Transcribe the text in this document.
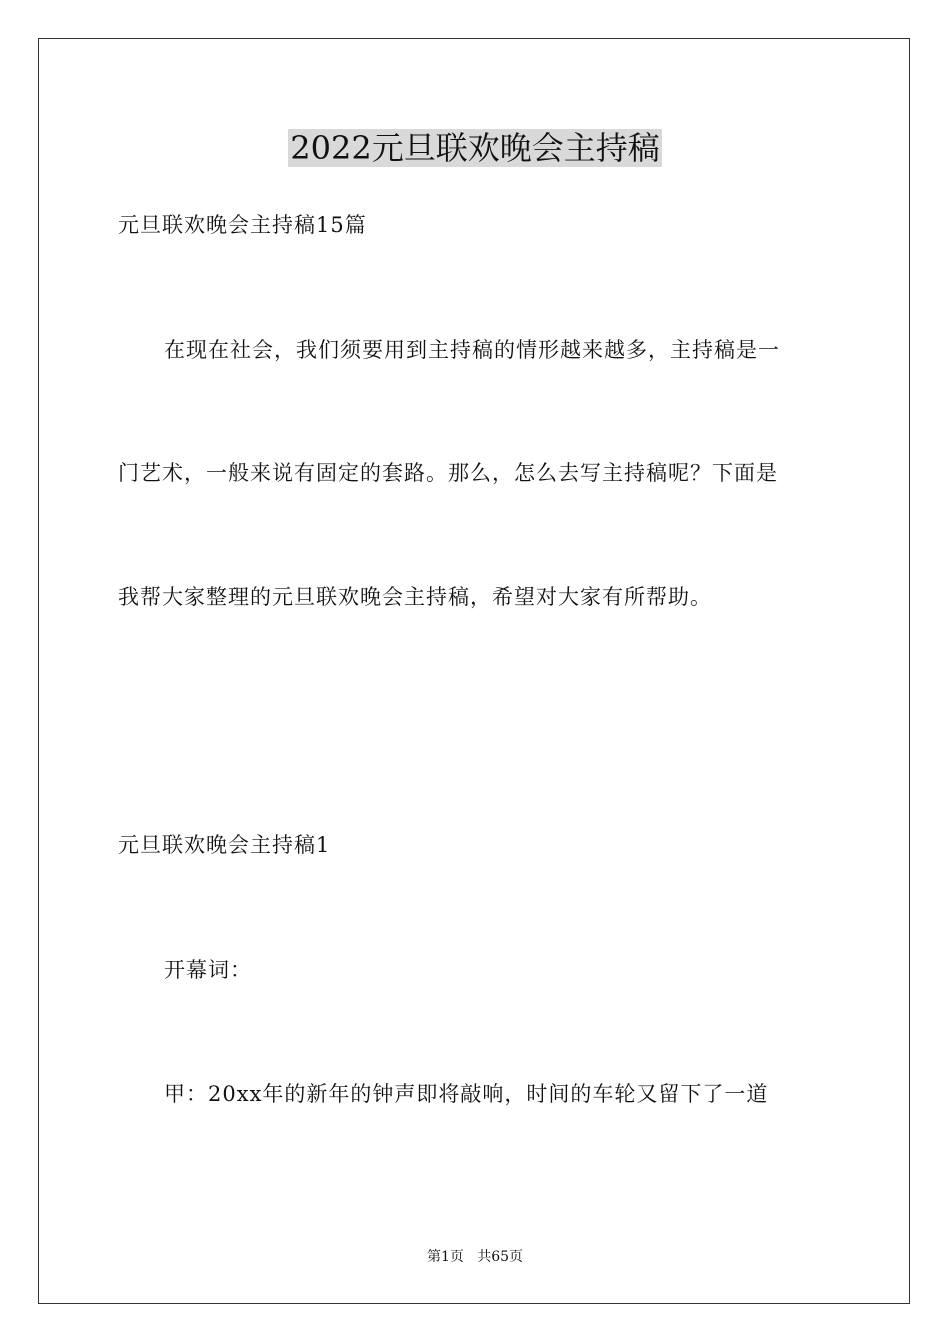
2022元旦联欢晚会主持稿

元旦联欢晚会主持稿15篇

在现在社会，我们须要用到主持稿的情形越来越多，主持稿是一

门艺术，一般来说有固定的套路。那么，怎么去写主持稿呢？下面是

我帮大家整理的元旦联欢晚会主持稿，希望对大家有所帮助。

元旦联欢晚会主持稿1

开幕词：

甲：20xx年的新年的钟声即将敲响，时间的车轮又留下了一道

第1页   共65页
